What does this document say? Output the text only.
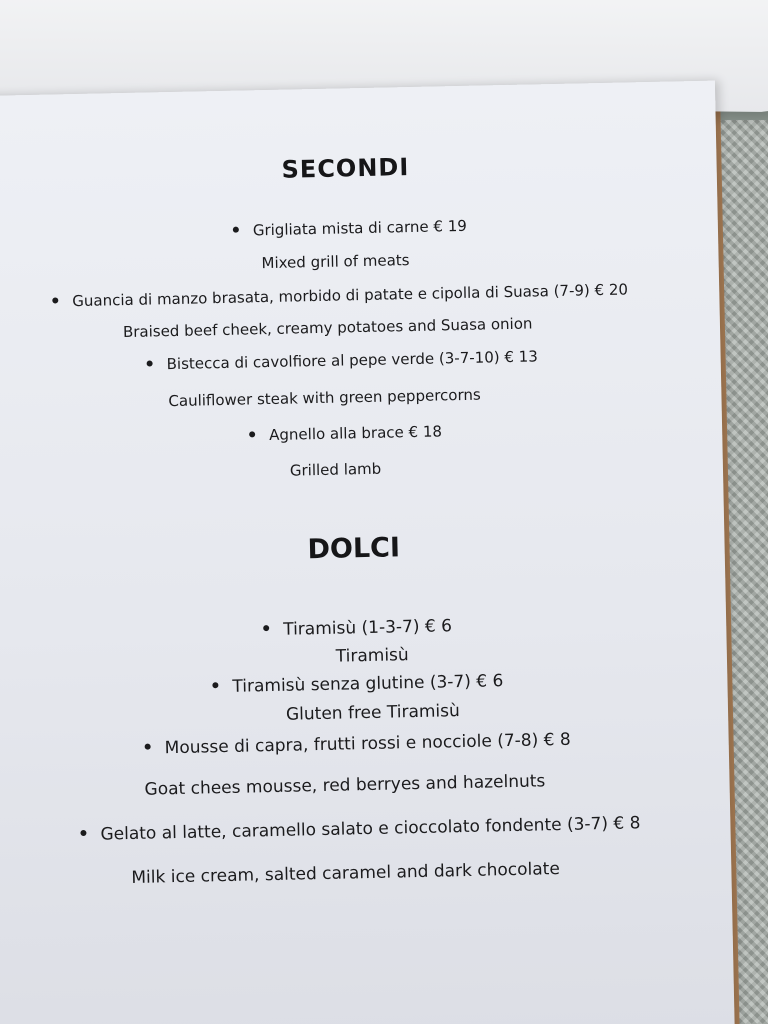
SECONDI
Grigliata mista di carne € 19
Mixed grill of meats
Guancia di manzo brasata, morbido di patate e cipolla di Suasa (7-9) € 20
Braised beef cheek, creamy potatoes and Suasa onion
Bistecca di cavolfiore al pepe verde (3-7-10) € 13
Cauliflower steak with green peppercorns
Agnello alla brace € 18
Grilled lamb
DOLCI
Tiramisù (1-3-7) € 6
Tiramisù
Tiramisù senza glutine (3-7) € 6
Gluten free Tiramisù
Mousse di capra, frutti rossi e nocciole (7-8) € 8
Goat chees mousse, red berryes and hazelnuts
Gelato al latte, caramello salato e cioccolato fondente (3-7) € 8
Milk ice cream, salted caramel and dark chocolate
